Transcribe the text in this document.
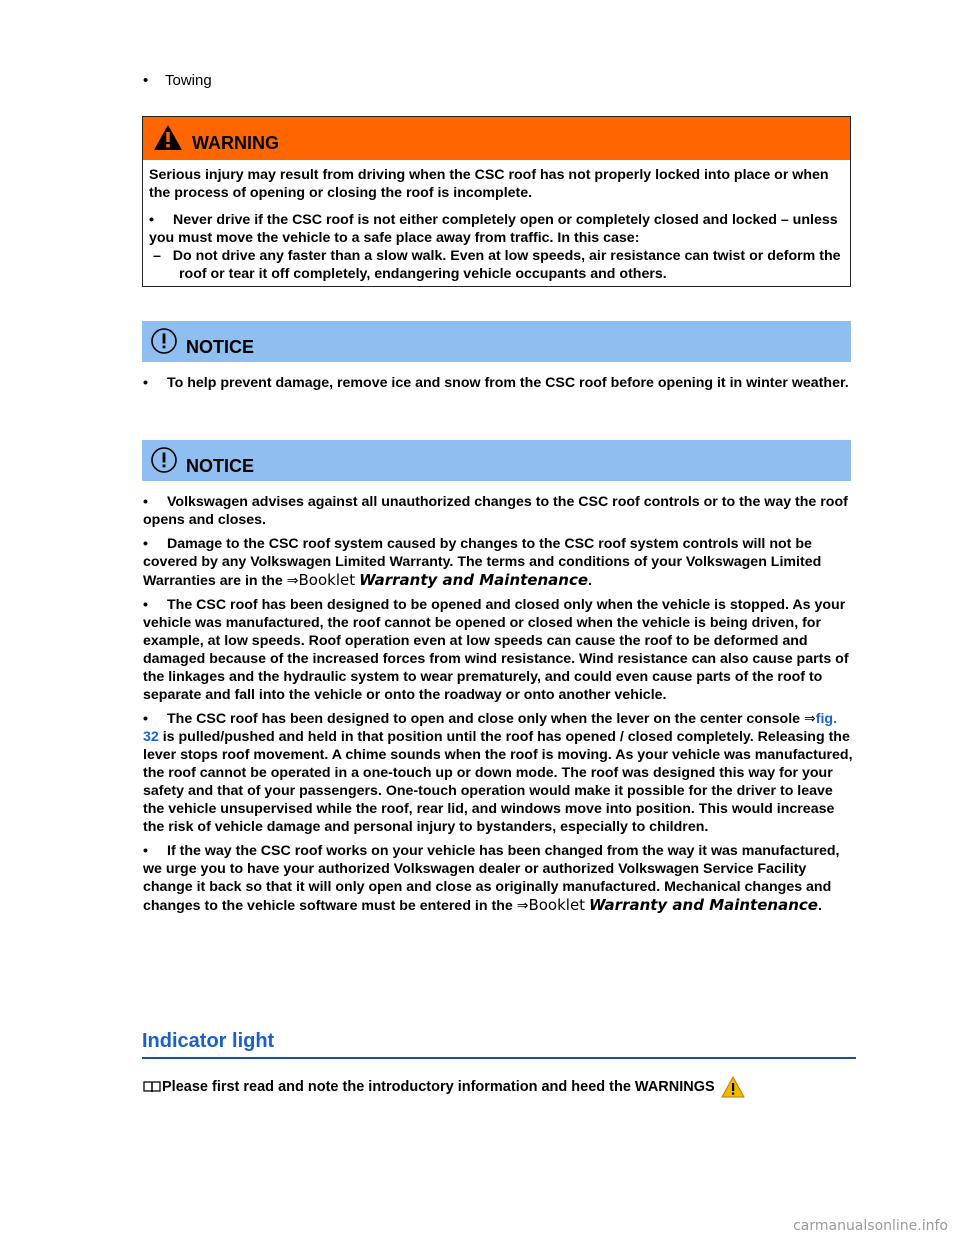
• Towing
WARNING

Serious injury may result from driving when the CSC roof has not properly locked into place or when the process of opening or closing the roof is incomplete.

• Never drive if the CSC roof is not either completely open or completely closed and locked – unless you must move the vehicle to a safe place away from traffic. In this case:

–   Do not drive any faster than a slow walk. Even at low speeds, air resistance can twist or deform the roof or tear it off completely, endangering vehicle occupants and others.

NOTICE

• To help prevent damage, remove ice and snow from the CSC roof before opening it in winter weather.

NOTICE

• Volkswagen advises against all unauthorized changes to the CSC roof controls or to the way the roof opens and closes.

• Damage to the CSC roof system caused by changes to the CSC roof system controls will not be covered by any Volkswagen Limited Warranty. The terms and conditions of your Volkswagen Limited Warranties are in the ⇒Booklet Warranty and Maintenance.

• The CSC roof has been designed to be opened and closed only when the vehicle is stopped. As your vehicle was manufactured, the roof cannot be opened or closed when the vehicle is being driven, for example, at low speeds. Roof operation even at low speeds can cause the roof to be deformed and damaged because of the increased forces from wind resistance. Wind resistance can also cause parts of the linkages and the hydraulic system to wear prematurely, and could even cause parts of the roof to separate and fall into the vehicle or onto the roadway or onto another vehicle.

• The CSC roof has been designed to open and close only when the lever on the center console ⇒fig. 32 is pulled/pushed and held in that position until the roof has opened / closed completely. Releasing the lever stops roof movement. A chime sounds when the roof is moving. As your vehicle was manufactured, the roof cannot be operated in a one-touch up or down mode. The roof was designed this way for your safety and that of your passengers. One-touch operation would make it possible for the driver to leave the vehicle unsupervised while the roof, rear lid, and windows move into position. This would increase the risk of vehicle damage and personal injury to bystanders, especially to children.

• If the way the CSC roof works on your vehicle has been changed from the way it was manufactured, we urge you to have your authorized Volkswagen dealer or authorized Volkswagen Service Facility change it back so that it will only open and close as originally manufactured. Mechanical changes and changes to the vehicle software must be entered in the ⇒Booklet Warranty and Maintenance.

Indicator light
Please first read and note the introductory information and heed the WARNINGS
carmanualsonline.info
